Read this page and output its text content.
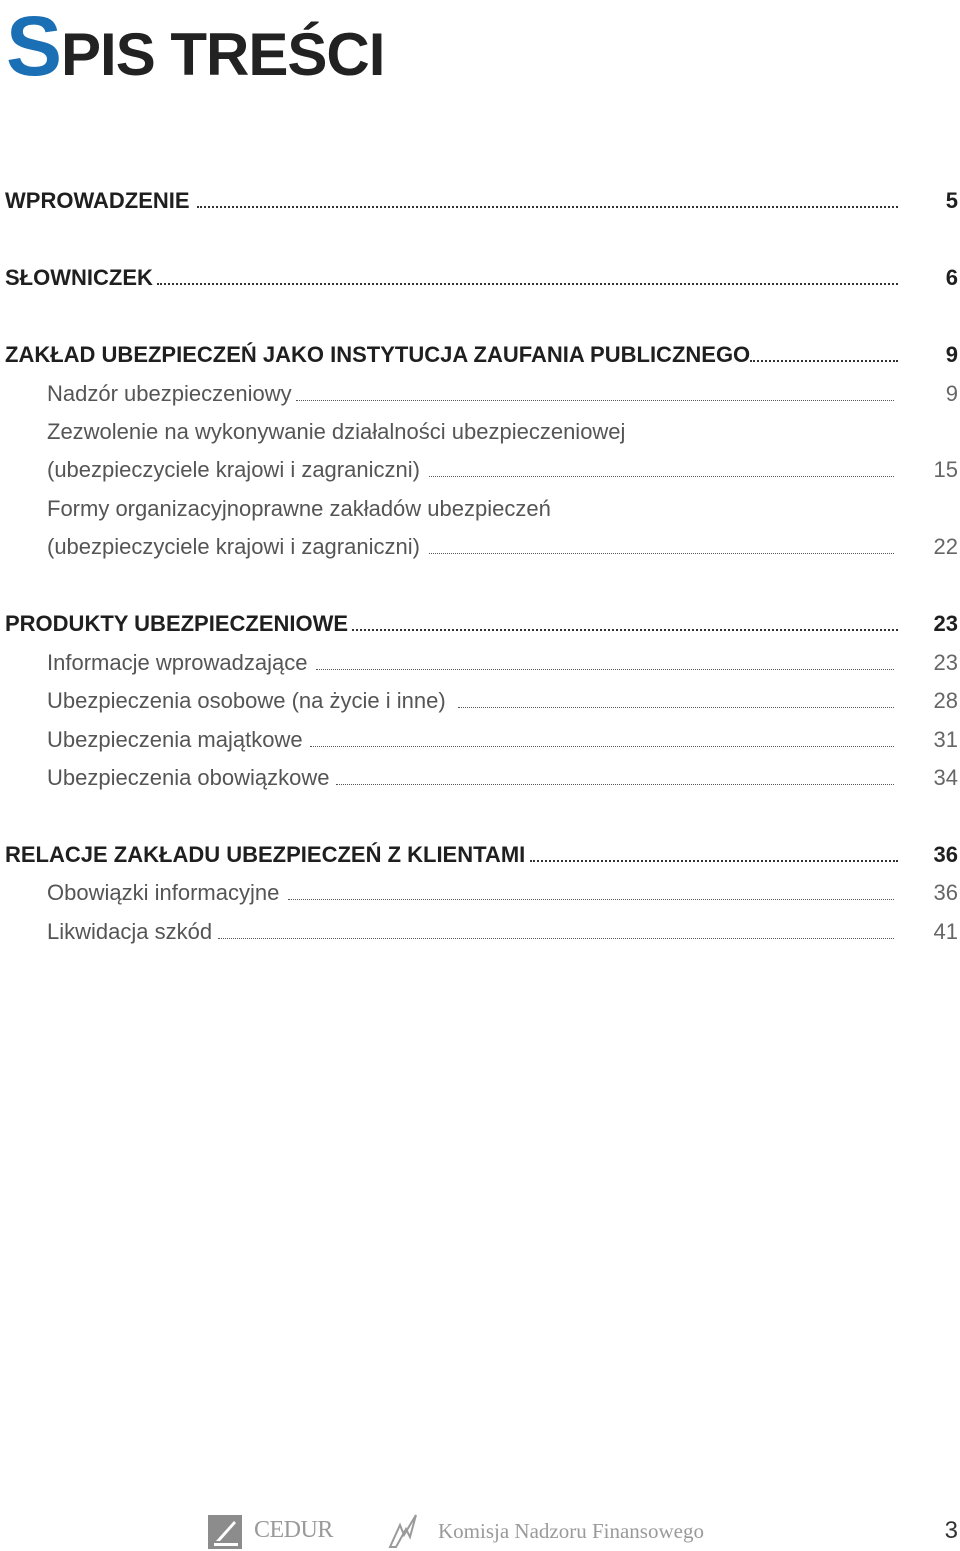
SPIS TREŚCI
WPROWADZENIE	5
SŁOWNICZEK	6
ZAKŁAD UBEZPIECZEŃ JAKO INSTYTUCJA ZAUFANIA PUBLICZNEGO	9
Nadzór ubezpieczeniowy	9
Zezwolenie na wykonywanie działalności ubezpieczeniowej
(ubezpieczyciele krajowi i zagraniczni)	15
Formy organizacyjnoprawne zakładów ubezpieczeń
(ubezpieczyciele krajowi i zagraniczni)	22
PRODUKTY UBEZPIECZENIOWE	23
Informacje wprowadzające	23
Ubezpieczenia osobowe (na życie i inne)	28
Ubezpieczenia majątkowe	31
Ubezpieczenia obowiązkowe	34
RELACJE ZAKŁADU UBEZPIECZEŃ Z KLIENTAMI	36
Obowiązki informacyjne	36
Likwidacja szkód	41
CEDUR	Komisja Nadzoru Finansowego	3
